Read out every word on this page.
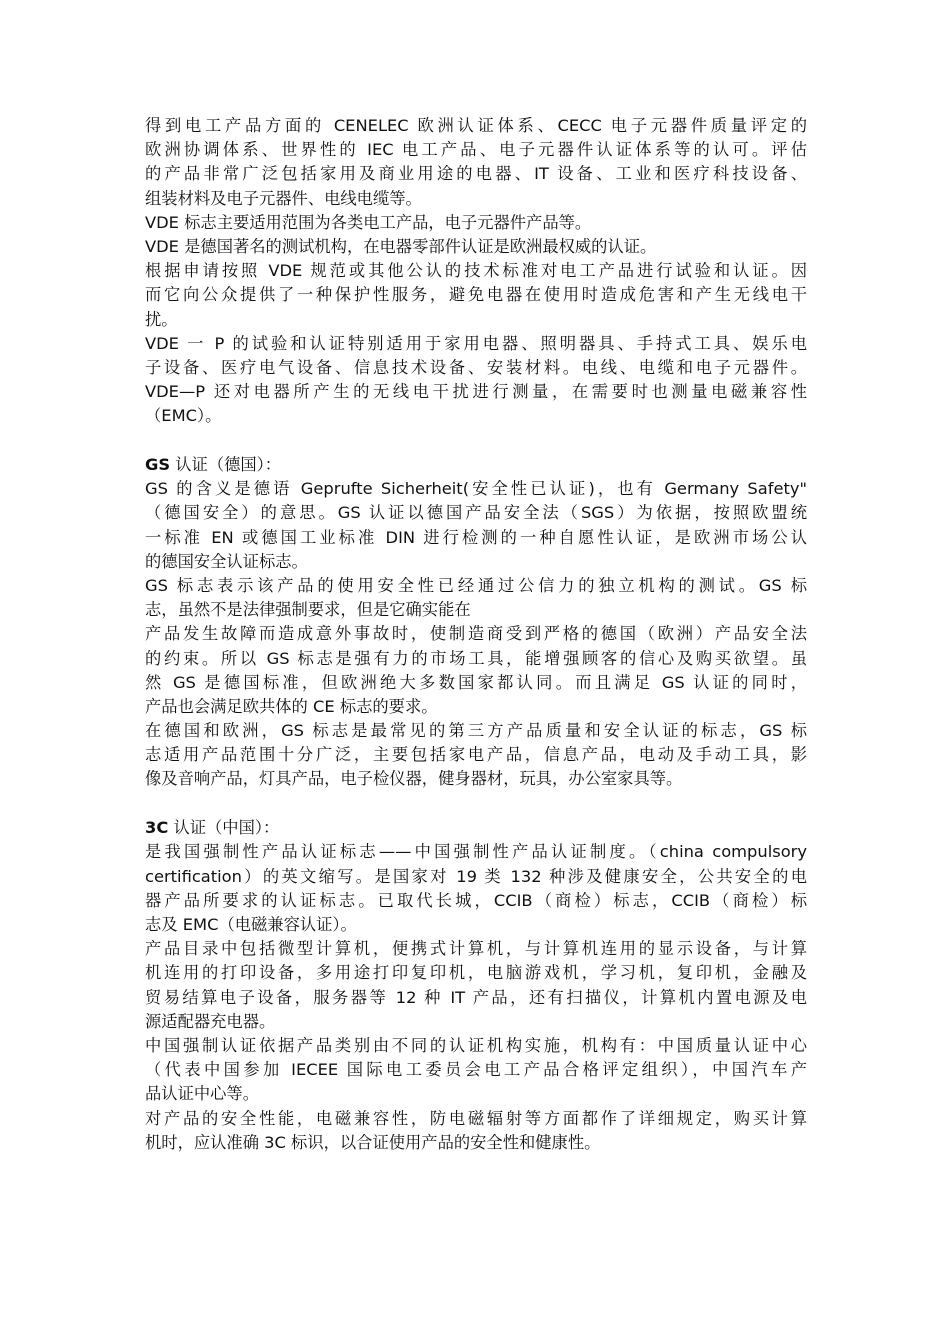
得到电工产品方面的 CENELEC 欧洲认证体系、CECC 电子元器件质量评定的
欧洲协调体系、世界性的 IEC 电工产品、电子元器件认证体系等的认可。评估
的产品非常广泛包括家用及商业用途的电器、IT 设备、工业和医疗科技设备、
组装材料及电子元器件、电线电缆等。

VDE 标志主要适用范围为各类电工产品，电子元器件产品等。

VDE 是德国著名的测试机构，在电器零部件认证是欧洲最权威的认证。

根据申请按照 VDE 规范或其他公认的技术标准对电工产品进行试验和认证。因
而它向公众提供了一种保护性服务，避免电器在使用时造成危害和产生无线电干
扰。

VDE 一 P 的试验和认证特别适用于家用电器、照明器具、手持式工具、娱乐电
子设备、医疗电气设备、信息技术设备、安装材料。电线、电缆和电子元器件。
VDE—P 还对电器所产生的无线电干扰进行测量，在需要时也测量电磁兼容性
（EMC）。

GS 认证（德国）：

GS 的含义是德语 Geprufte Sicherheit(安全性已认证)，也有 Germany Safety"
（德国安全）的意思。GS 认证以德国产品安全法（SGS）为依据，按照欧盟统
一标准 EN 或德国工业标准 DIN 进行检测的一种自愿性认证，是欧洲市场公认
的德国安全认证标志。

GS 标志表示该产品的使用安全性已经通过公信力的独立机构的测试。GS 标
志，虽然不是法律强制要求，但是它确实能在

产品发生故障而造成意外事故时，使制造商受到严格的德国（欧洲）产品安全法
的约束。所以 GS 标志是强有力的市场工具，能增强顾客的信心及购买欲望。虽
然 GS 是德国标准，但欧洲绝大多数国家都认同。而且满足 GS 认证的同时，
产品也会满足欧共体的 CE 标志的要求。

在德国和欧洲，GS 标志是最常见的第三方产品质量和安全认证的标志，GS 标
志适用产品范围十分广泛，主要包括家电产品，信息产品，电动及手动工具，影
像及音响产品，灯具产品，电子检仪器，健身器材，玩具，办公室家具等。

3C 认证（中国）：

是我国强制性产品认证标志——中国强制性产品认证制度。（china compulsory
certification）的英文缩写。是国家对 19 类 132 种涉及健康安全，公共安全的电
器产品所要求的认证标志。已取代长城，CCIB（商检）标志，CCIB（商检）标
志及 EMC（电磁兼容认证）。

产品目录中包括微型计算机，便携式计算机，与计算机连用的显示设备，与计算
机连用的打印设备，多用途打印复印机，电脑游戏机，学习机，复印机，金融及
贸易结算电子设备，服务器等 12 种 IT 产品，还有扫描仪，计算机内置电源及电
源适配器充电器。

中国强制认证依据产品类别由不同的认证机构实施，机构有：中国质量认证中心
（代表中国参加 IECEE 国际电工委员会电工产品合格评定组织），中国汽车产
品认证中心等。

对产品的安全性能，电磁兼容性，防电磁辐射等方面都作了详细规定，购买计算
机时，应认准确 3C 标识，以合证使用产品的安全性和健康性。
